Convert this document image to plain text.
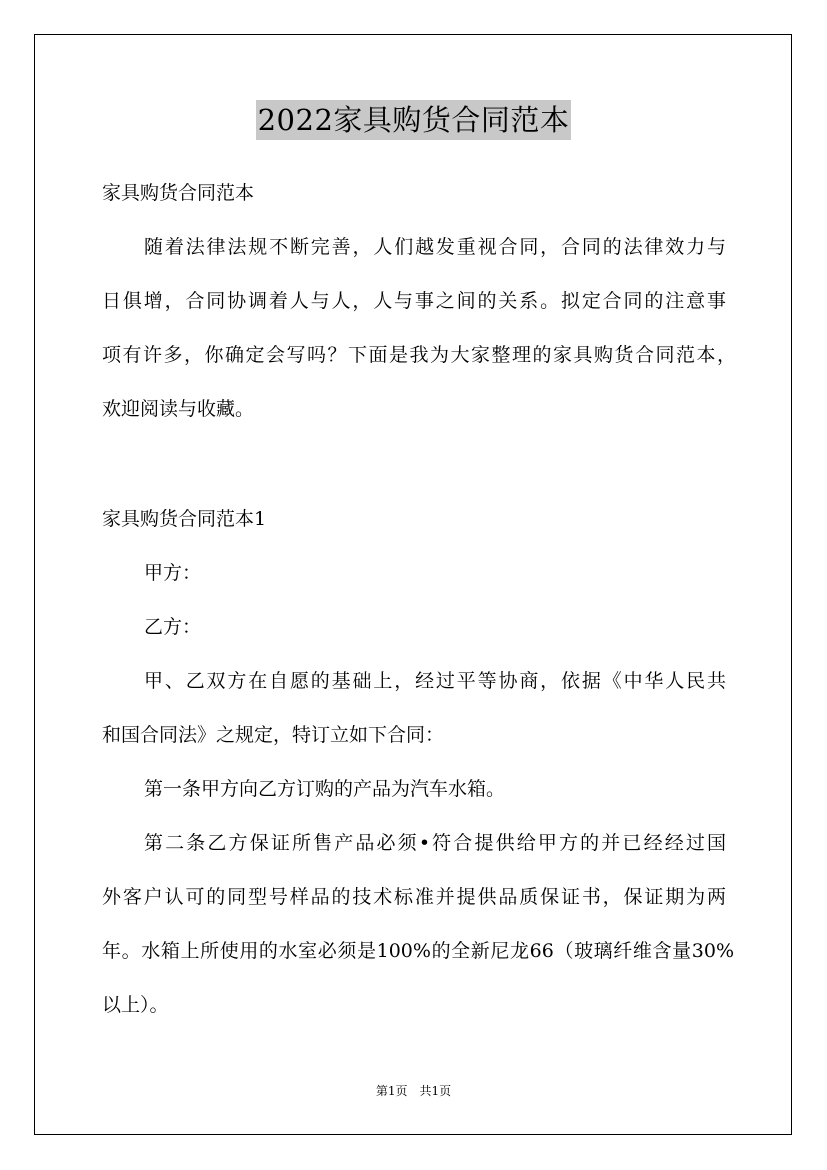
2022家具购货合同范本
家具购货合同范本
随着法律法规不断完善，人们越发重视合同，合同的法律效力与
日俱增，合同协调着人与人，人与事之间的关系。拟定合同的注意事
项有许多，你确定会写吗？下面是我为大家整理的家具购货合同范本，
欢迎阅读与收藏。
家具购货合同范本1
甲方：
乙方：
甲、乙双方在自愿的基础上，经过平等协商，依据《中华人民共
和国合同法》之规定，特订立如下合同：
第一条甲方向乙方订购的产品为汽车水箱。
第二条乙方保证所售产品必须•符合提供给甲方的并已经经过国
外客户认可的同型号样品的技术标准并提供品质保证书，保证期为两
年。水箱上所使用的水室必须是100%的全新尼龙66（玻璃纤维含量30%
以上）。
第1页　共1页
